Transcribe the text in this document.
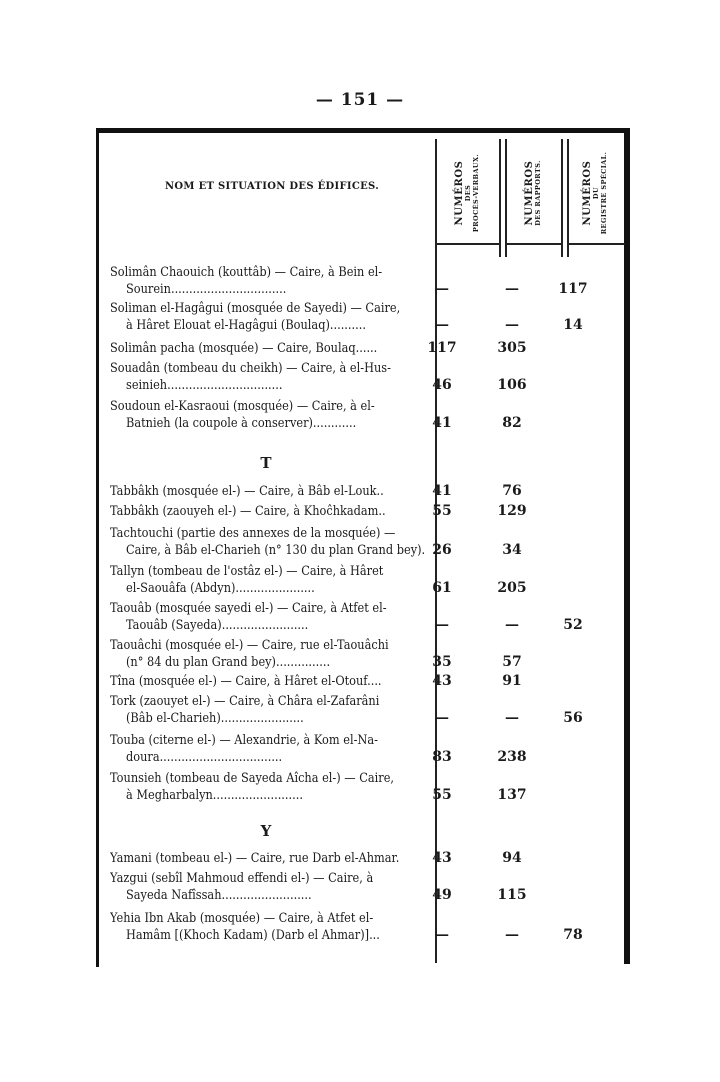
— 151 —
NOM ET SITUATION DES ÉDIFICES.	NUMÉROS DES PROCÈS-VERBAUX.	NUMÉROS DES RAPPORTS.	NUMÉROS DU REGISTRE SPÉCIAL.
T
Y
Solimân Chaouich (kouttâb) — Caire, à Bein el-
Sourein................................	—	—	117
Soliman el-Hagâgui (mosquée de Sayedi) — Caire,
à Hâret Elouat el-Hagâgui (Boulaq)..........	—	—	14
Solimân pacha (mosquée) — Caire, Boulaq......	117	305
Souadân (tombeau du cheikh) — Caire, à el-Hus-
seinieh................................	46	106
Soudoun el-Kasraoui (mosquée) — Caire, à el-
Batnieh (la coupole à conserver)............	41	82
Tabbâkh (mosquée el-) — Caire, à Bâb el-Louk..	41	76
Tabbâkh (zaouyeh el-) — Caire, à Khoĉhkadam..	55	129
Tachtouchi (partie des annexes de la mosquée) —
Caire, à Bâb el-Charieh (n° 130 du plan Grand bey). 26	34
Tallyn (tombeau de l'ostâz el-) — Caire, à Hâret
el-Saouâfa (Abdyn)......................	61	205
Taouâb (mosquée sayedi el-) — Caire, à Atfet el-
Taouâb (Sayeda)........................	—	—	52
Taouâchi (mosquée el-) — Caire, rue el-Taouâchi
(n° 84 du plan Grand bey)...............	35	57
Tîna (mosquée el-) — Caire, à Hâret el-Otouf....	43	91
Tork (zaouyet el-) — Caire, à Châra el-Zafarâni
(Bâb el-Charieh).......................	—	—	56
Touba (citerne el-) — Alexandrie, à Kom el-Na-
doura..................................	83	238
Tounsieh (tombeau de Sayeda Aîcha el-) — Caire,
à Megharbalyn.........................	55	137
Yamani (tombeau el-) — Caire, rue Darb el-Ahmar.	43	94
Yazgui (sebîl Mahmoud effendi el-) — Caire, à
Sayeda Nafîssah.........................	49	115
Yehia Ibn Akab (mosquée) — Caire, à Atfet el-
Hamâm [(Khoch Kadam) (Darb el Ahmar)]...	—	—	78
